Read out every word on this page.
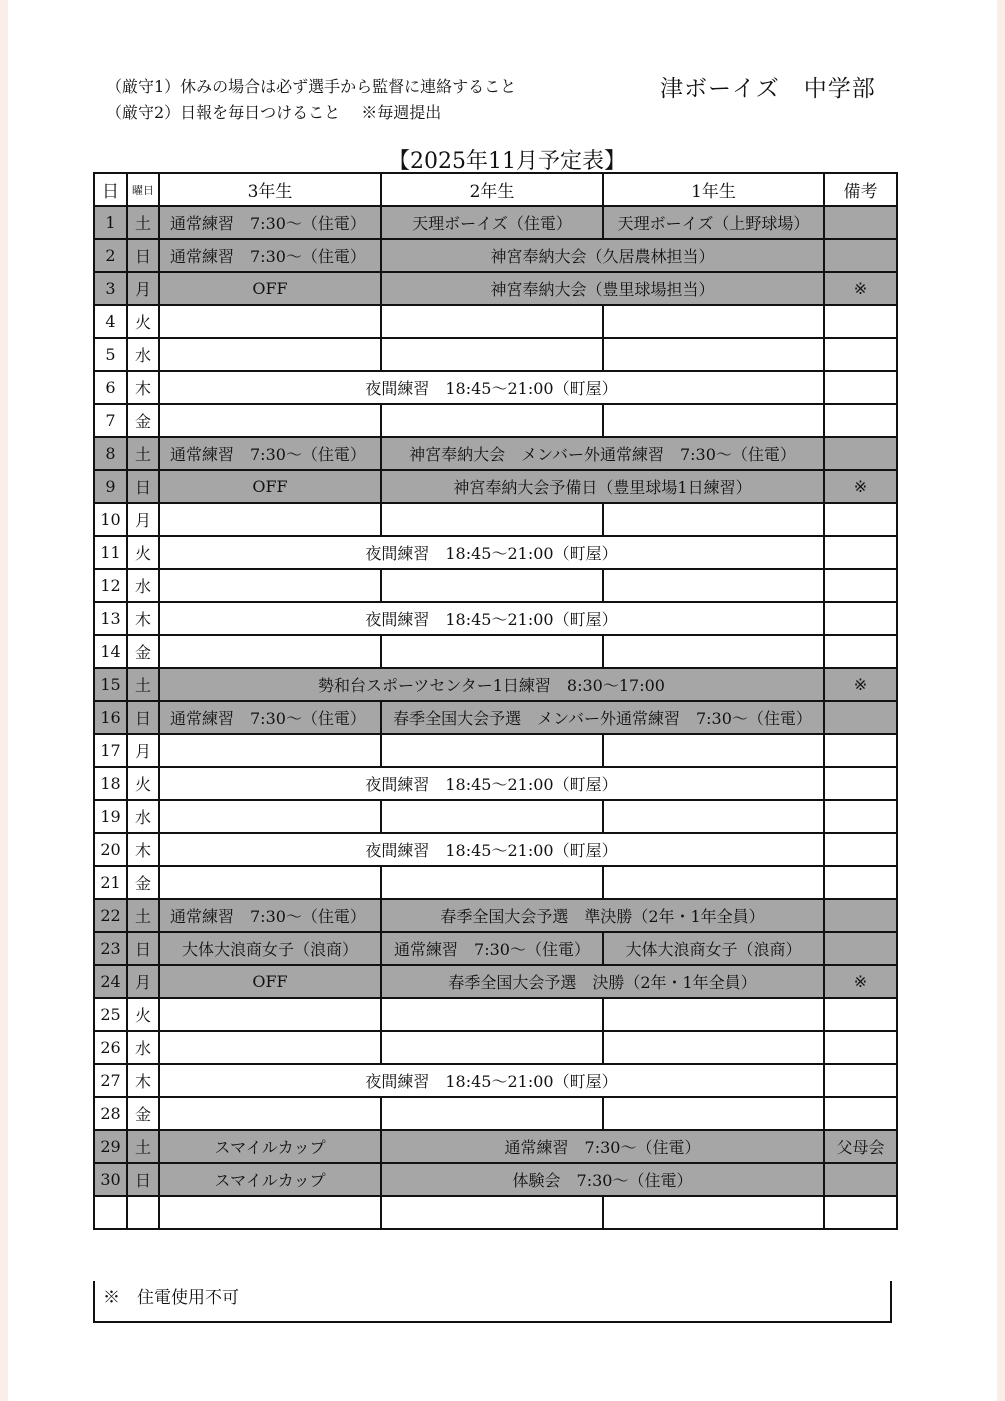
（厳守1）休みの場合は必ず選手から監督に連絡すること
（厳守2）日報を毎日つけること　 ※毎週提出
津ボーイズ　中学部
【2025年11月予定表】
日	曜日	3年生	2年生	1年生	備考
1	土	通常練習　7:30〜（住電）	天理ボーイズ（住電）	天理ボーイズ（上野球場）	
2	日	通常練習　7:30〜（住電）	神宮奉納大会（久居農林担当）		
3	月	OFF	神宮奉納大会（豊里球場担当）		※
4	火				
5	水				
6	木	夜間練習　18:45〜21:00（町屋）			
7	金				
8	土	通常練習　7:30〜（住電）	神宮奉納大会　メンバー外通常練習　7:30〜（住電）		
9	日	OFF	神宮奉納大会予備日（豊里球場1日練習）		※
10	月				
11	火	夜間練習　18:45〜21:00（町屋）			
12	水				
13	木	夜間練習　18:45〜21:00（町屋）			
14	金				
15	土	勢和台スポーツセンター1日練習　8:30〜17:00			※
16	日	通常練習　7:30〜（住電）	春季全国大会予選　メンバー外通常練習　7:30〜（住電）		
17	月				
18	火	夜間練習　18:45〜21:00（町屋）			
19	水				
20	木	夜間練習　18:45〜21:00（町屋）			
21	金				
22	土	通常練習　7:30〜（住電）	春季全国大会予選　準決勝（2年・1年全員）		
23	日	大体大浪商女子（浪商）	通常練習　7:30〜（住電）	大体大浪商女子（浪商）	
24	月	OFF	春季全国大会予選　決勝（2年・1年全員）		※
25	火				
26	水				
27	木	夜間練習　18:45〜21:00（町屋）			
28	金				
29	土	スマイルカップ	通常練習　7:30〜（住電）		父母会
30	日	スマイルカップ	体験会　7:30〜（住電）		

※　住電使用不可
